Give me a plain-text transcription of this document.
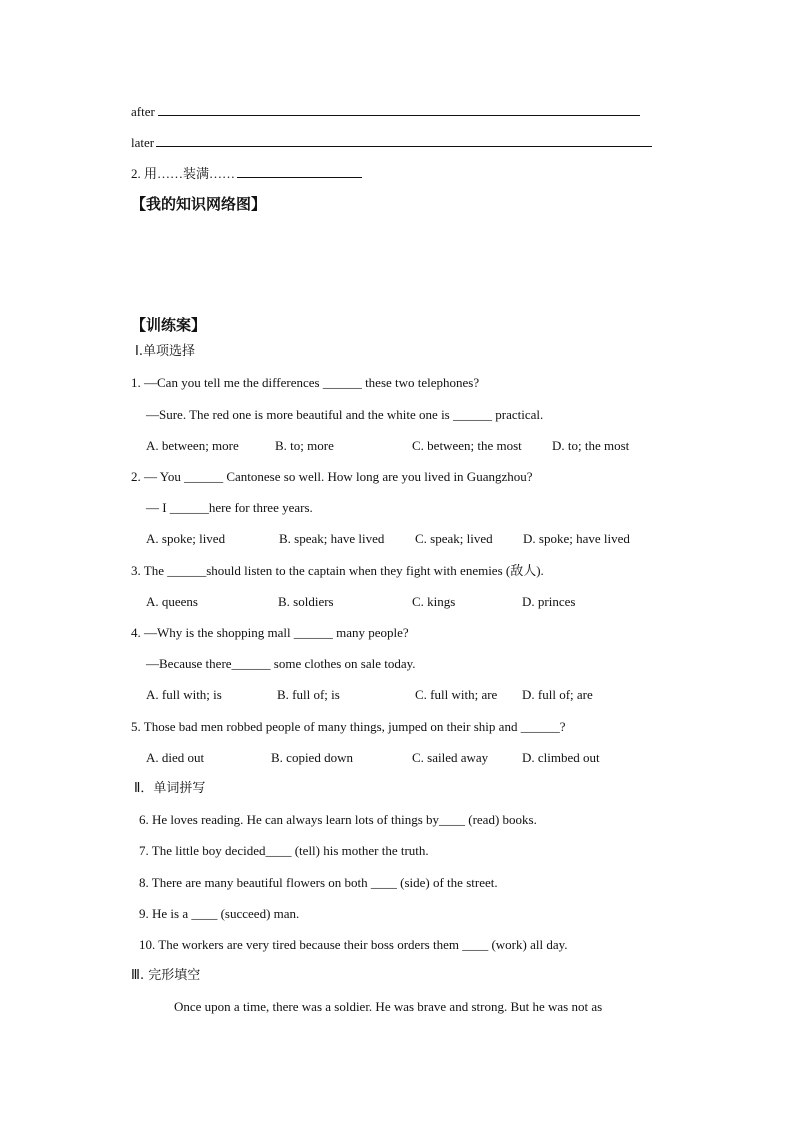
after
later
2. 用……装满……
【我的知识网络图】
【训练案】
Ⅰ.单项选择
1. —Can you tell me the differences ______ these two telephones?
—Sure. The red one is more beautiful and the white one is ______ practical.
A. between; more	B. to; more	C. between; the most D. to; the most
2. — You ______ Cantonese so well. How long are you lived in Guangzhou?
— I ______here for three years.
A. spoke; lived	B. speak; have lived C. speak; lived D. spoke; have lived
3. The ______should listen to the captain when they fight with enemies (敌人).
A. queens	B. soldiers	C. kings	D. princes
4. —Why is the shopping mall ______ many people?
—Because there______ some clothes on sale today.
A. full with; is	B. full of; is	C. full with; are D. full of; are
5. Those bad men robbed people of many things, jumped on their ship and ______?
A. died out	B. copied down	C. sailed away	D. climbed out
Ⅱ．单词拼写
6. He loves reading. He can always learn lots of things by____ (read) books.
7. The little boy decided____ (tell) his mother the truth.
8. There are many beautiful flowers on both ____ (side) of the street.
9. He is a ____ (succeed) man.
10. The workers are very tired because their boss orders them ____ (work) all day.
Ⅲ. 完形填空
Once upon a time, there was a soldier. He was brave and strong. But he was not as
